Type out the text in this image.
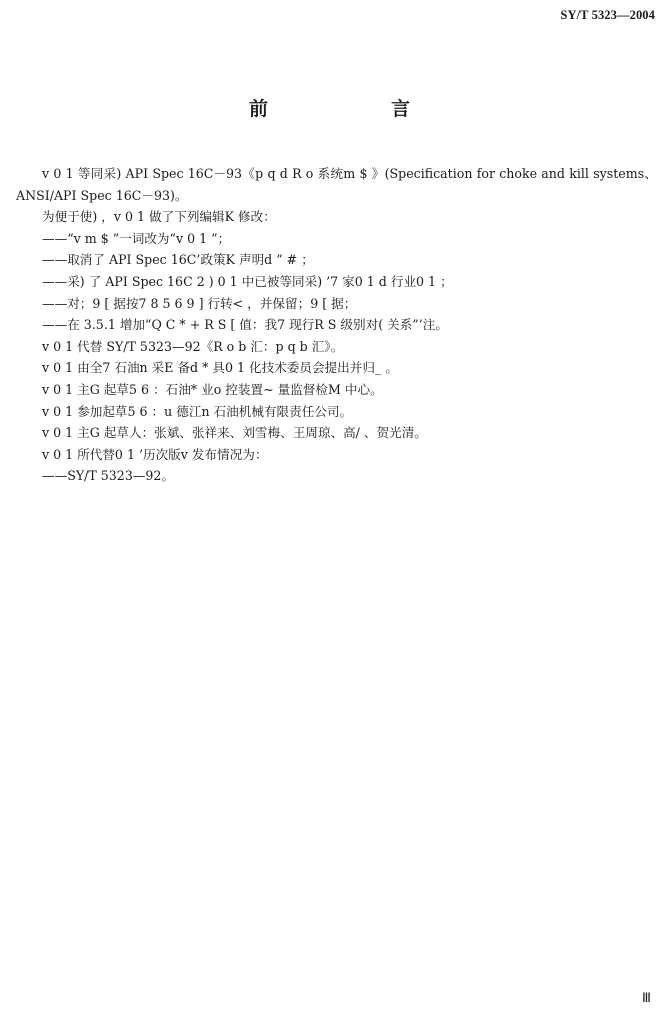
SY/T 5323—2004
前　言

v 0 1 等同采) API Spec 16C－93《p q d R o 系统m $ 》(Specification for choke and kill systems、ANSI/API Spec 16C－93)。

为便于使) ，v 0 1 做了下列编辑K 修改：

——“v m $ ”一词改为“v 0 1 ”；

——取消了 API Spec 16C’政策K 声明d ” # ；

——采) 了 API Spec 16C 2 ) 0 1 中已被等同采) ’7 家0 1 d 行业0 1 ；

——对；9 [ 据按7 8 5 6 9 ] 行转< ，并保留；9 [ 据；

——在 3.5.1 增加“Q C * + R S [ 值：我7 现行R S 级别对( 关系”’注。

v 0 1 代替 SY/T 5323—92《R o b 汇：p q b 汇》。

v 0 1 由全7 石油n 采E 备d * 具0 1 化技术委员会提出并归_ 。

v 0 1 主G 起草5 6 ：石油* 业o 控装置~ 量监督检M 中心。

v 0 1 参加起草5 6 ：u 德江n 石油机械有限责任公司。

v 0 1 主G 起草人：张斌、张祥来、刘雪梅、王周琼、高/ 、贺光清。

v 0 1 所代替0 1 ’历次版v 发布情况为：

——SY/T 5323—92。

Ⅲ
